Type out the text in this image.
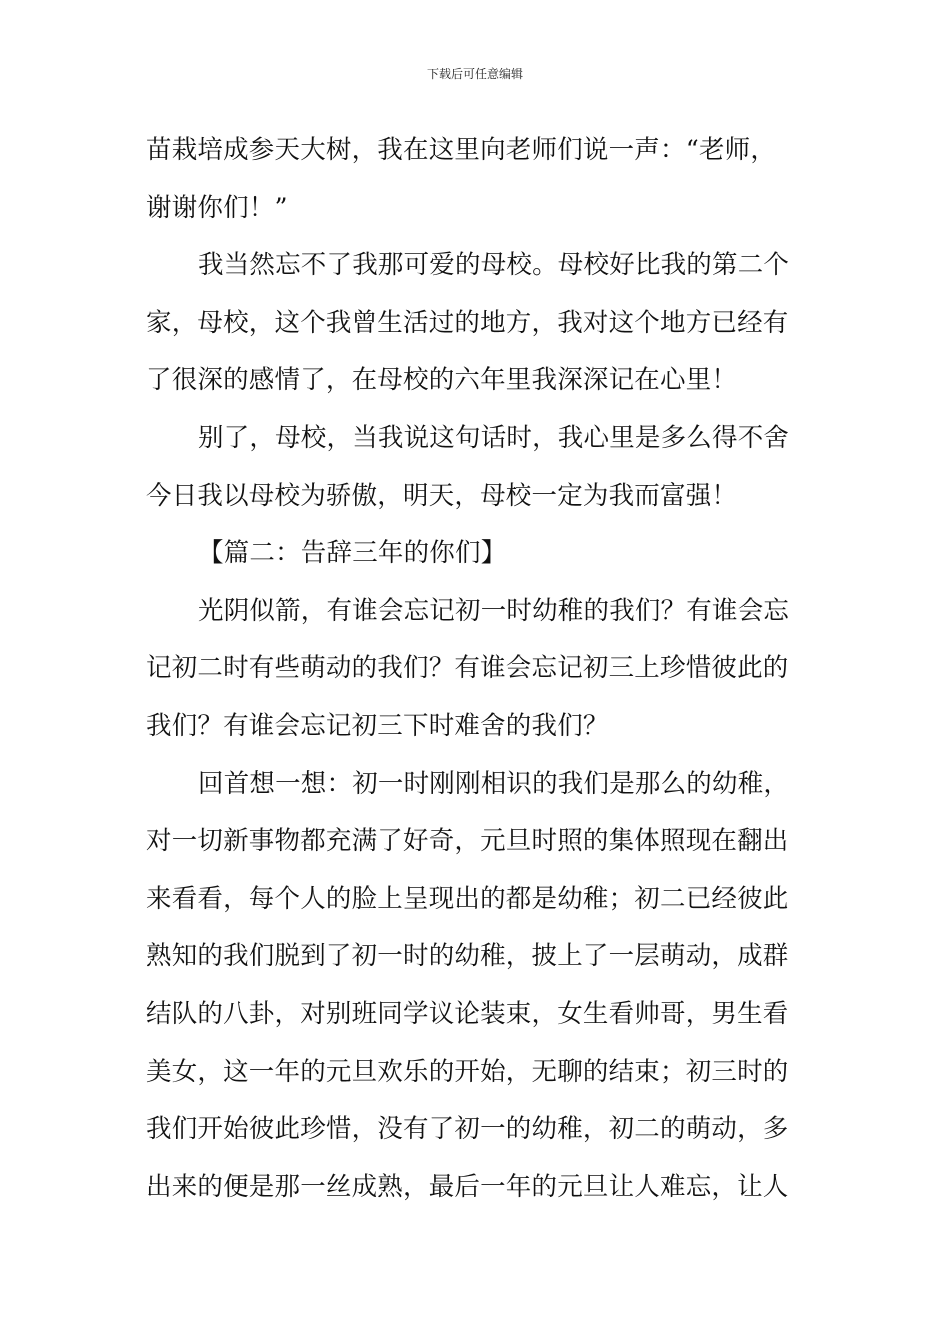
下载后可任意编辑
苗栽培成参天大树，我在这里向老师们说一声：“老师，
谢谢你们！”
我当然忘不了我那可爱的母校。母校好比我的第二个
家，母校，这个我曾生活过的地方，我对这个地方已经有
了很深的感情了，在母校的六年里我深深记在心里！
别了，母校，当我说这句话时，我心里是多么得不舍
今日我以母校为骄傲，明天，母校一定为我而富强！
【篇二：告辞三年的你们】
光阴似箭，有谁会忘记初一时幼稚的我们？有谁会忘
记初二时有些萌动的我们？有谁会忘记初三上珍惜彼此的
我们？有谁会忘记初三下时难舍的我们？
回首想一想：初一时刚刚相识的我们是那么的幼稚，
对一切新事物都充满了好奇，元旦时照的集体照现在翻出
来看看，每个人的脸上呈现出的都是幼稚；初二已经彼此
熟知的我们脱到了初一时的幼稚，披上了一层萌动，成群
结队的八卦，对别班同学议论装束，女生看帅哥，男生看
美女，这一年的元旦欢乐的开始，无聊的结束；初三时的
我们开始彼此珍惜，没有了初一的幼稚，初二的萌动，多
出来的便是那一丝成熟，最后一年的元旦让人难忘，让人
